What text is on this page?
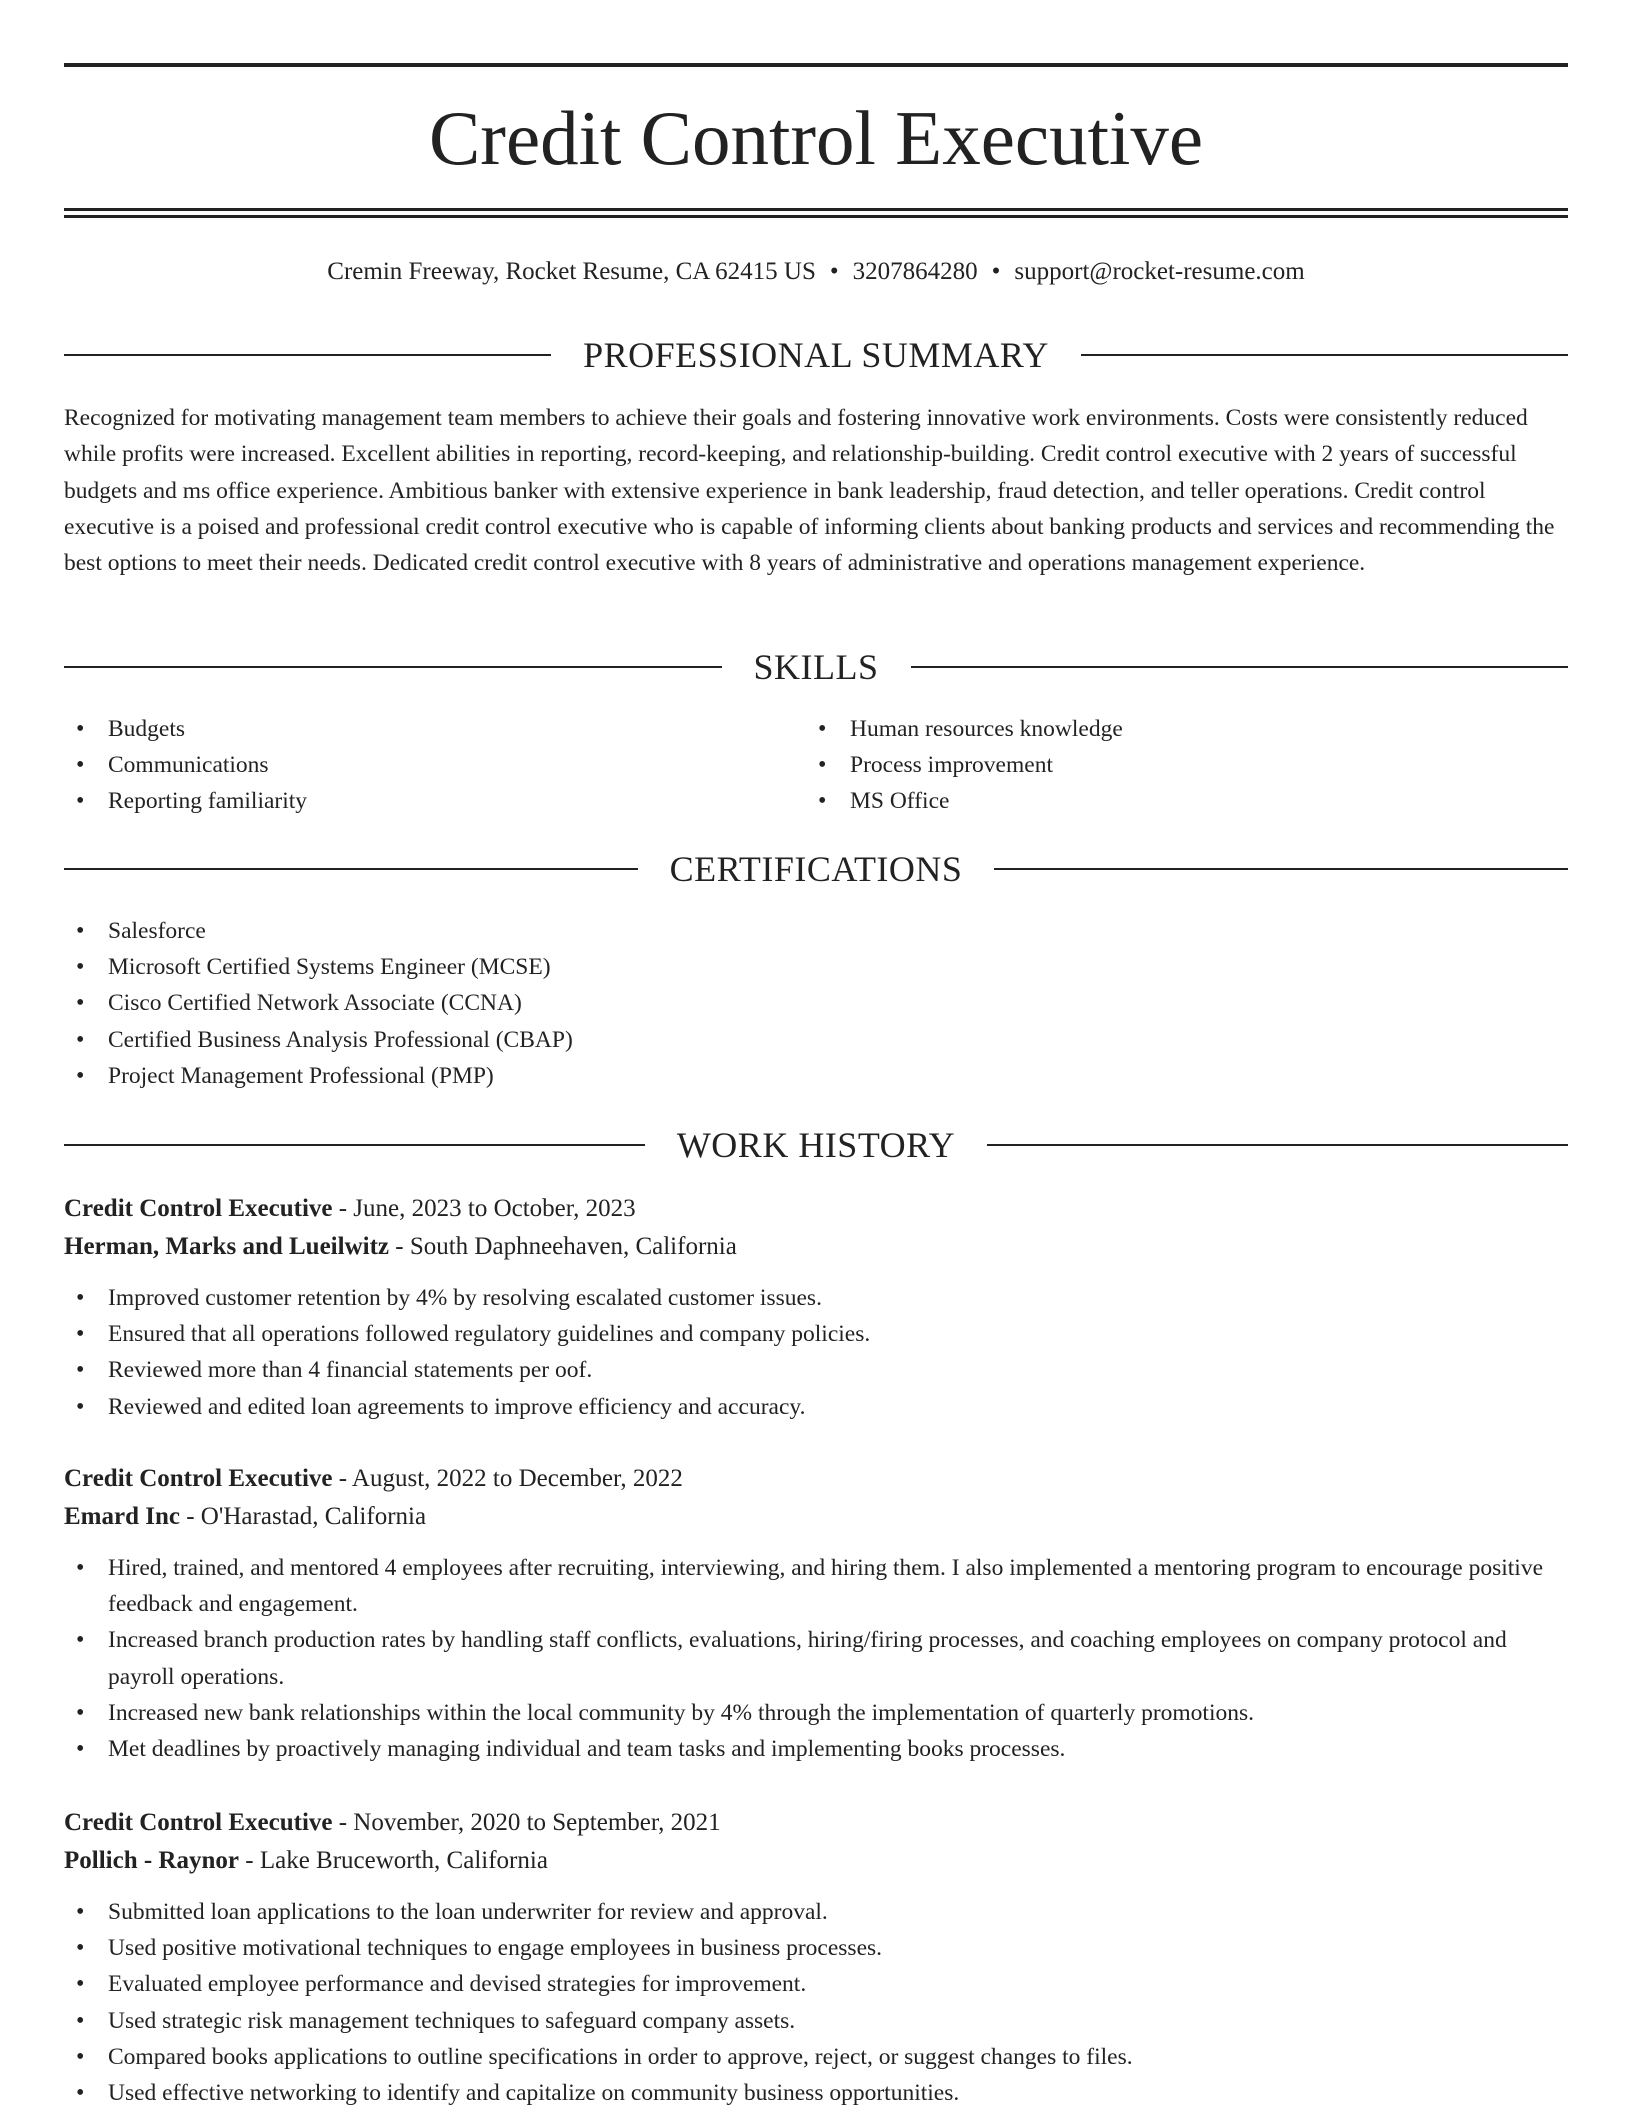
Credit Control Executive
Cremin Freeway, Rocket Resume, CA 62415 US • 3207864280 • support@rocket-resume.com
PROFESSIONAL SUMMARY

Recognized for motivating management team members to achieve their goals and fostering innovative work environments. Costs were consistently reduced while profits were increased. Excellent abilities in reporting, record-keeping, and relationship-building. Credit control executive with 2 years of successful budgets and ms office experience. Ambitious banker with extensive experience in bank leadership, fraud detection, and teller operations. Credit control executive is a poised and professional credit control executive who is capable of informing clients about banking products and services and recommending the best options to meet their needs. Dedicated credit control executive with 8 years of administrative and operations management experience.

SKILLS
• Budgets
• Communications
• Reporting familiarity
• Human resources knowledge
• Process improvement
• MS Office
CERTIFICATIONS
• Salesforce
• Microsoft Certified Systems Engineer (MCSE)
• Cisco Certified Network Associate (CCNA)
• Certified Business Analysis Professional (CBAP)
• Project Management Professional (PMP)
WORK HISTORY
Credit Control Executive - June, 2023 to October, 2023
Herman, Marks and Lueilwitz - South Daphneehaven, California
• Improved customer retention by 4% by resolving escalated customer issues.
• Ensured that all operations followed regulatory guidelines and company policies.
• Reviewed more than 4 financial statements per oof.
• Reviewed and edited loan agreements to improve efficiency and accuracy.
Credit Control Executive - August, 2022 to December, 2022
Emard Inc - O'Harastad, California
• Hired, trained, and mentored 4 employees after recruiting, interviewing, and hiring them. I also implemented a mentoring program to encourage positive feedback and engagement.
• Increased branch production rates by handling staff conflicts, evaluations, hiring/firing processes, and coaching employees on company protocol and payroll operations.
• Increased new bank relationships within the local community by 4% through the implementation of quarterly promotions.
• Met deadlines by proactively managing individual and team tasks and implementing books processes.
Credit Control Executive - November, 2020 to September, 2021
Pollich - Raynor - Lake Bruceworth, California
• Submitted loan applications to the loan underwriter for review and approval.
• Used positive motivational techniques to engage employees in business processes.
• Evaluated employee performance and devised strategies for improvement.
• Used strategic risk management techniques to safeguard company assets.
• Compared books applications to outline specifications in order to approve, reject, or suggest changes to files.
• Used effective networking to identify and capitalize on community business opportunities.
